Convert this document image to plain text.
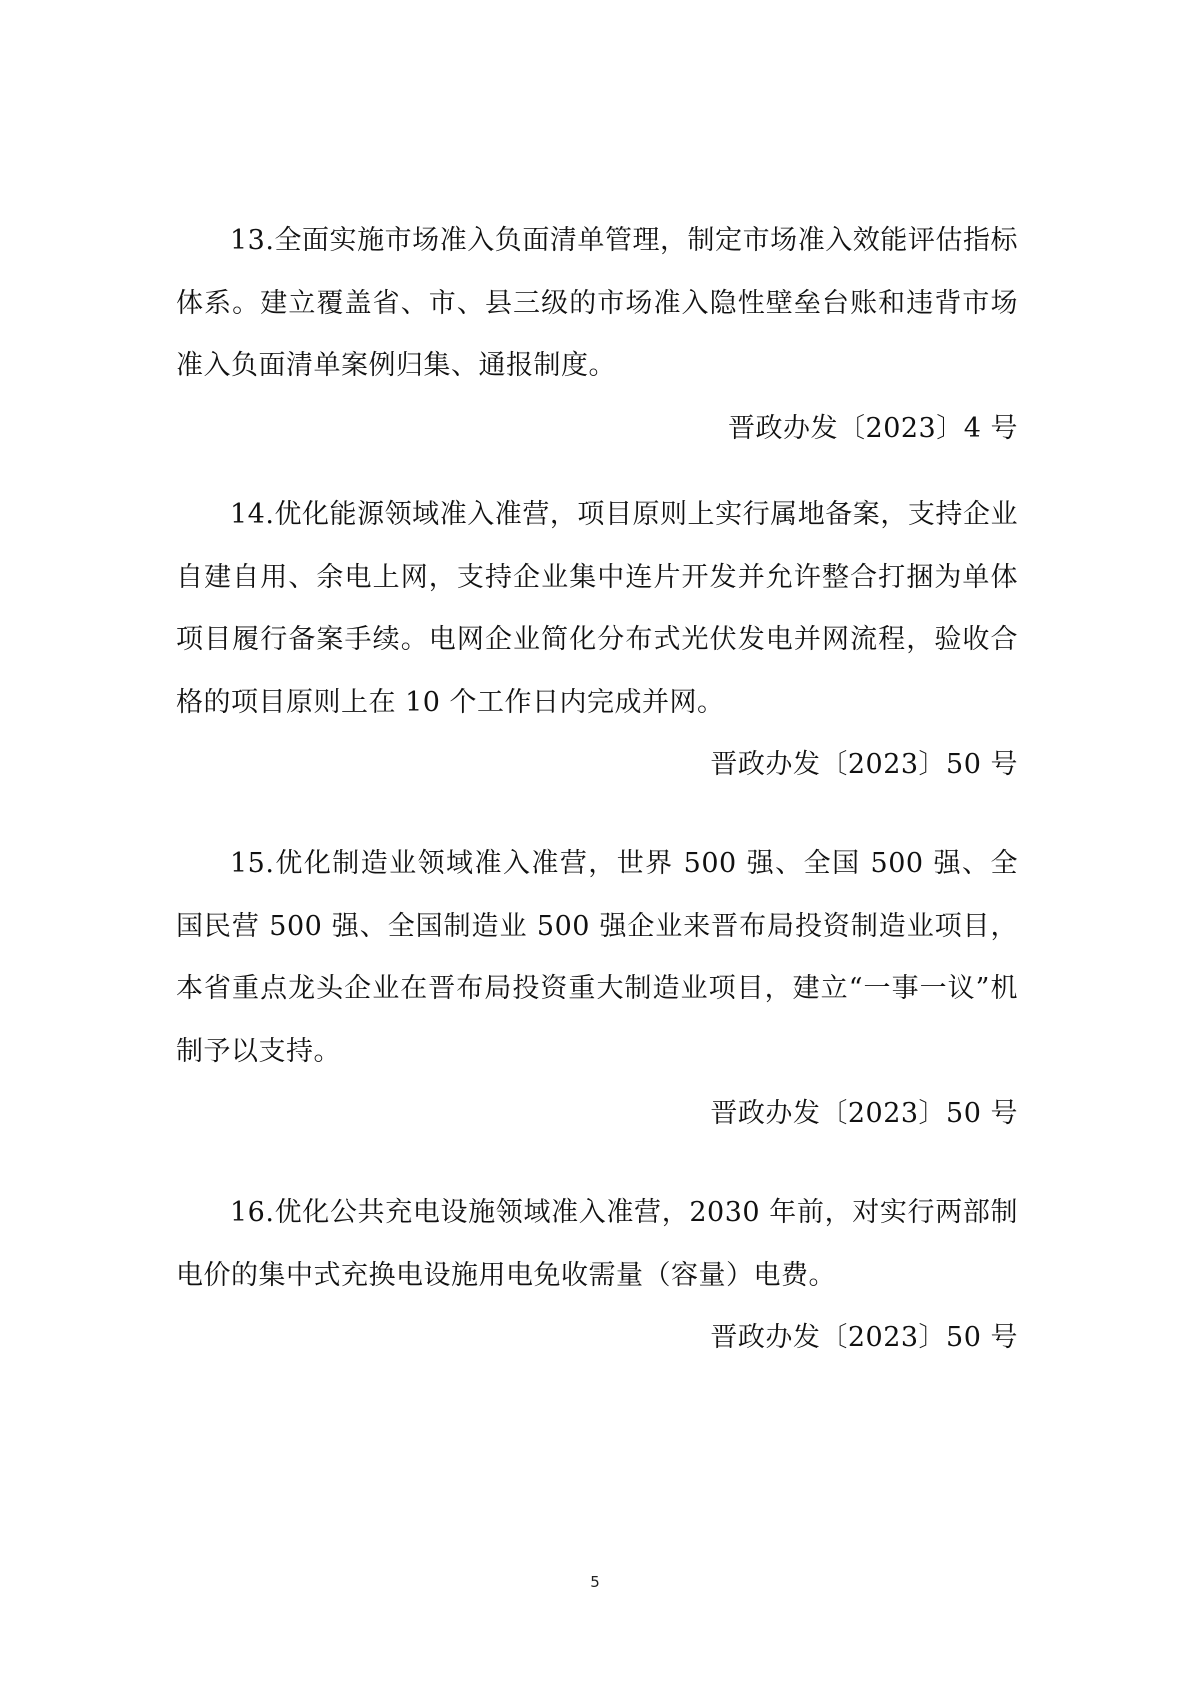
13.全面实施市场准入负面清单管理，制定市场准入效能评估指标体系。建立覆盖省、市、县三级的市场准入隐性壁垒台账和违背市场准入负面清单案例归集、通报制度。

晋政办发〔2023〕4 号

14.优化能源领域准入准营，项目原则上实行属地备案，支持企业自建自用、余电上网，支持企业集中连片开发并允许整合打捆为单体项目履行备案手续。电网企业简化分布式光伏发电并网流程，验收合格的项目原则上在 10 个工作日内完成并网。

晋政办发〔2023〕50 号

15.优化制造业领域准入准营，世界 500 强、全国 500 强、全国民营 500 强、全国制造业 500 强企业来晋布局投资制造业项目，本省重点龙头企业在晋布局投资重大制造业项目，建立“一事一议”机制予以支持。

晋政办发〔2023〕50 号

16.优化公共充电设施领域准入准营，2030 年前，对实行两部制电价的集中式充换电设施用电免收需量（容量）电费。

晋政办发〔2023〕50 号

5
